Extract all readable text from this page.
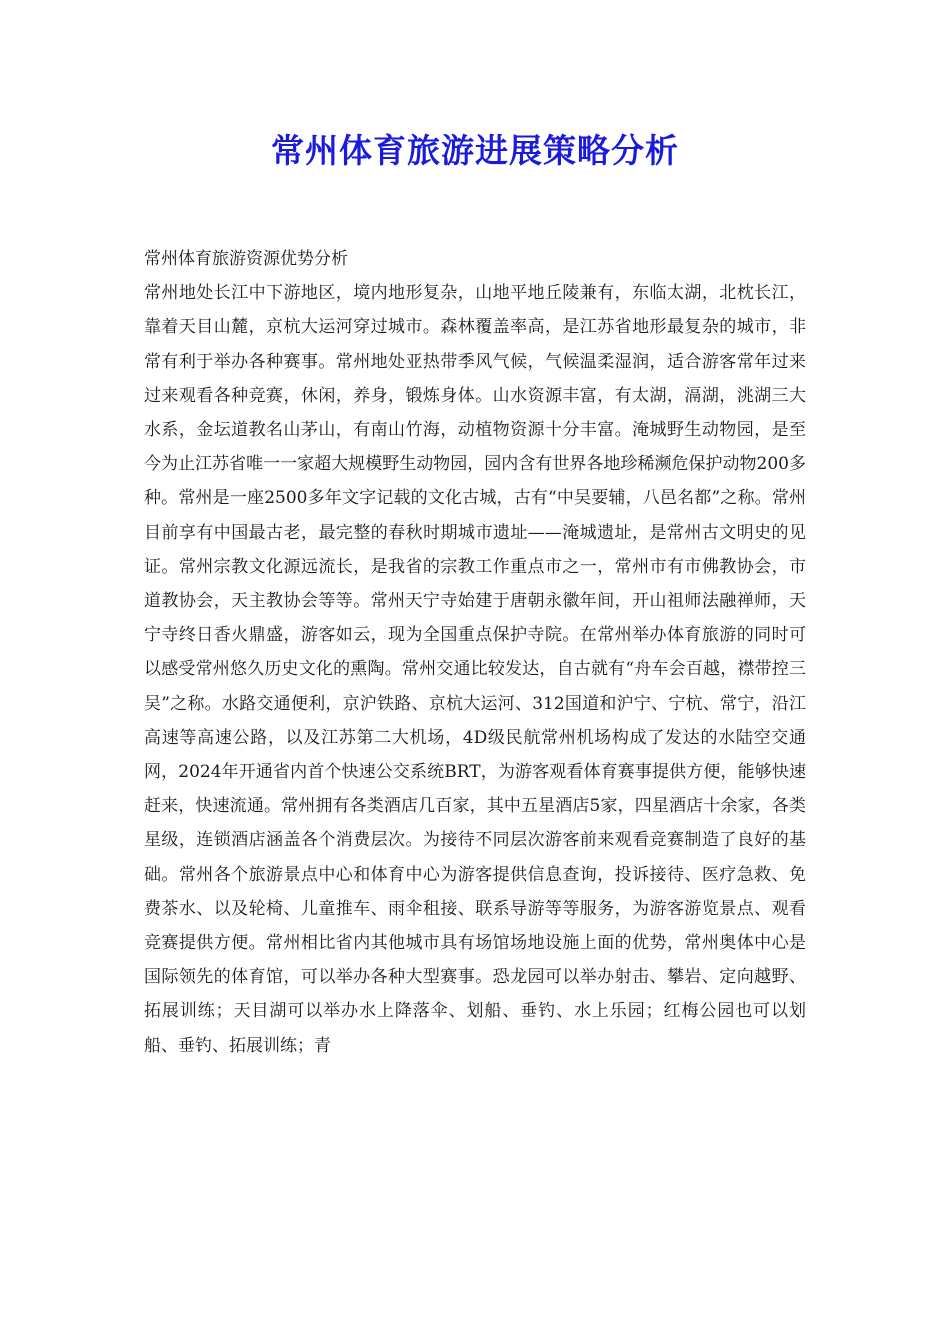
常州体育旅游进展策略分析
常州体育旅游资源优势分析

常州地处长江中下游地区，境内地形复杂，山地平地丘陵兼有，东临太湖，北枕长江，靠着天目山麓，京杭大运河穿过城市。森林覆盖率高，是江苏省地形最复杂的城市，非常有利于举办各种赛事。常州地处亚热带季风气候，气候温柔湿润，适合游客常年过来过来观看各种竞赛，休闲，养身，锻炼身体。山水资源丰富，有太湖，滆湖，洮湖三大水系，金坛道教名山茅山，有南山竹海，动植物资源十分丰富。淹城野生动物园，是至今为止江苏省唯一一家超大规模野生动物园，园内含有世界各地珍稀濒危保护动物200多种。常州是一座2500多年文字记载的文化古城，古有“中吴要辅，八邑名都”之称。常州目前享有中国最古老，最完整的春秋时期城市遗址——淹城遗址，是常州古文明史的见证。常州宗教文化源远流长，是我省的宗教工作重点市之一，常州市有市佛教协会，市道教协会，天主教协会等等。常州天宁寺始建于唐朝永徽年间，开山祖师法融禅师，天宁寺终日香火鼎盛，游客如云，现为全国重点保护寺院。在常州举办体育旅游的同时可以感受常州悠久历史文化的熏陶。常州交通比较发达，自古就有“舟车会百越，襟带控三吴”之称。水路交通便利，京沪铁路、京杭大运河、312国道和沪宁、宁杭、常宁，沿江高速等高速公路，以及江苏第二大机场，4D级民航常州机场构成了发达的水陆空交通网，2024年开通省内首个快速公交系统BRT，为游客观看体育赛事提供方便，能够快速赶来，快速流通。常州拥有各类酒店几百家，其中五星酒店5家，四星酒店十余家，各类星级，连锁酒店涵盖各个消费层次。为接待不同层次游客前来观看竞赛制造了良好的基础。常州各个旅游景点中心和体育中心为游客提供信息查询，投诉接待、医疗急救、免费茶水、以及轮椅、儿童推车、雨伞租接、联系导游等等服务，为游客游览景点、观看竞赛提供方便。常州相比省内其他城市具有场馆场地设施上面的优势，常州奥体中心是国际领先的体育馆，可以举办各种大型赛事。恐龙园可以举办射击、攀岩、定向越野、拓展训练；天目湖可以举办水上降落伞、划船、垂钓、水上乐园；红梅公园也可以划船、垂钓、拓展训练；青
